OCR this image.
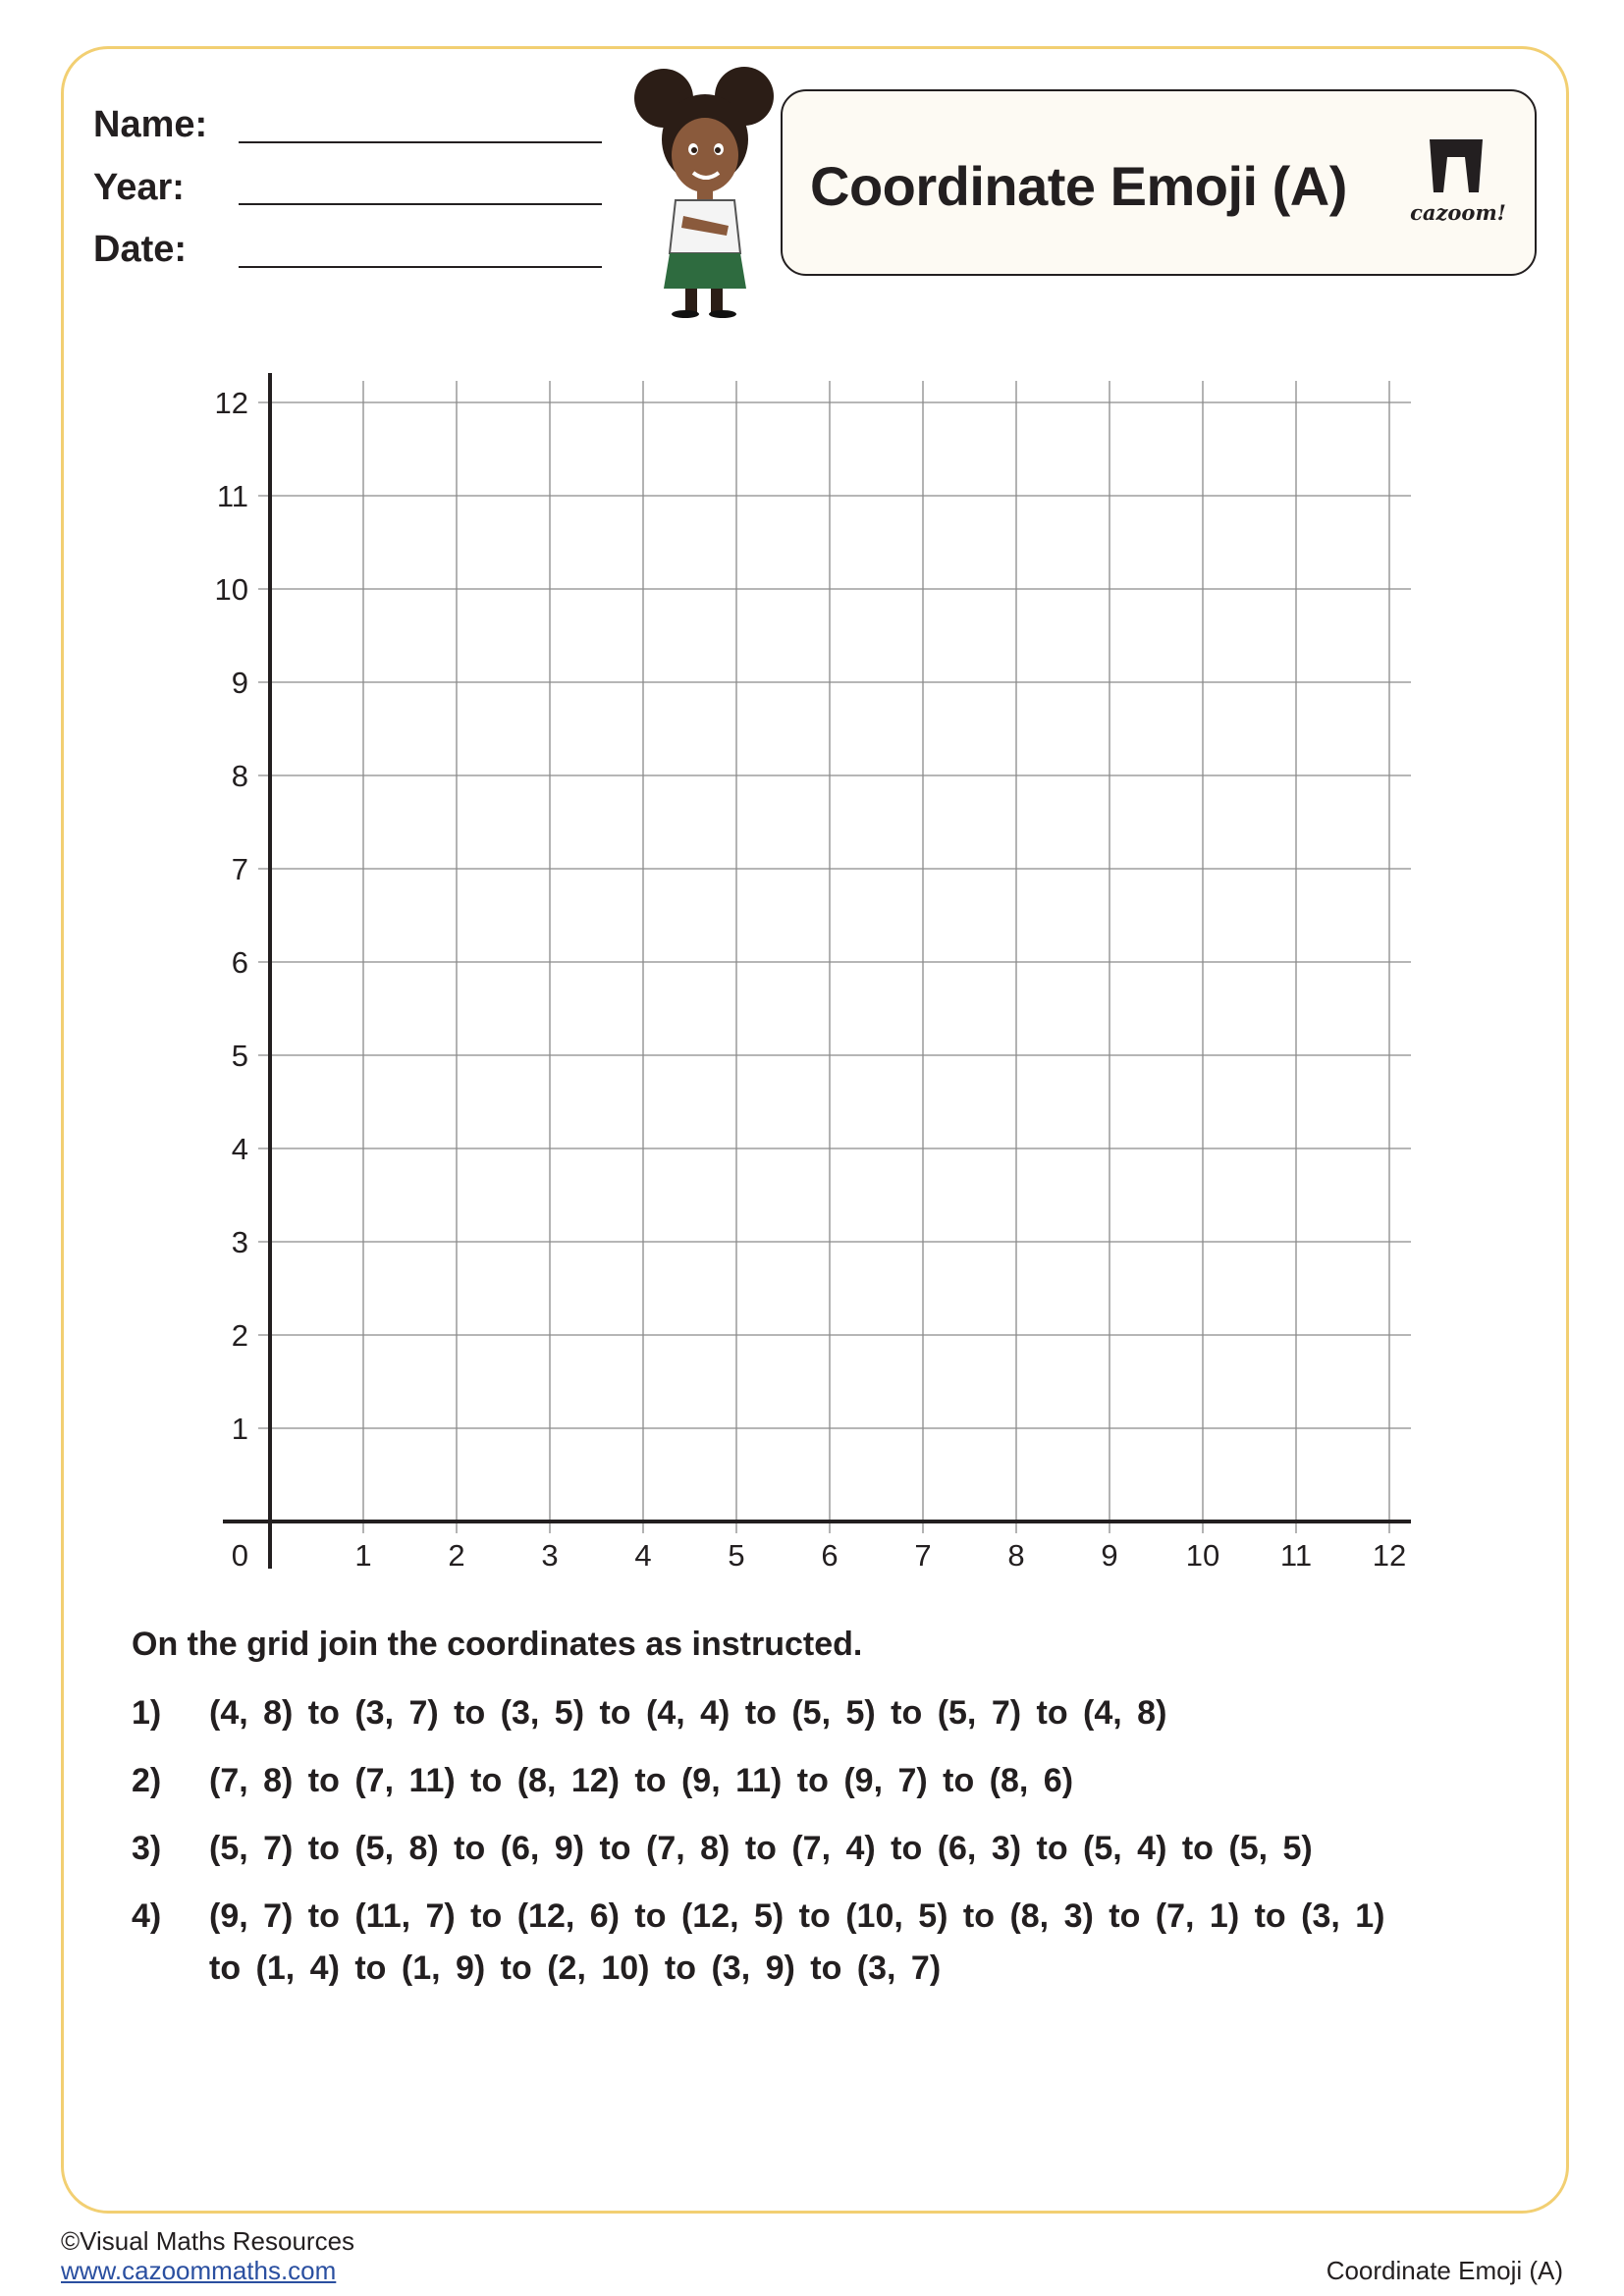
Name:
Year:
Date:
Coordinate Emoji (A)	cazoom!
1	2	3	4	5	6	7	8	9 10 11 12
1
2
3
4
5
6
7
8
9
10
11
12
0
On the grid join the coordinates as instructed.
1) (4, 8) to (3, 7) to (3, 5) to (4, 4) to (5, 5) to (5, 7) to (4, 8)
2) (7, 8) to (7, 11) to (8, 12) to (9, 11) to (9, 7) to (8, 6)
3) (5, 7) to (5, 8) to (6, 9) to (7, 8) to (7, 4) to (6, 3) to (5, 4) to (5, 5)
4) (9, 7) to (11, 7) to (12, 6) to (12, 5) to (10, 5) to (8, 3) to (7, 1) to (3, 1)
to (1, 4) to (1, 9) to (2, 10) to (3, 9) to (3, 7)
©Visual Maths Resources
www.cazoommaths.com	Coordinate Emoji (A)
